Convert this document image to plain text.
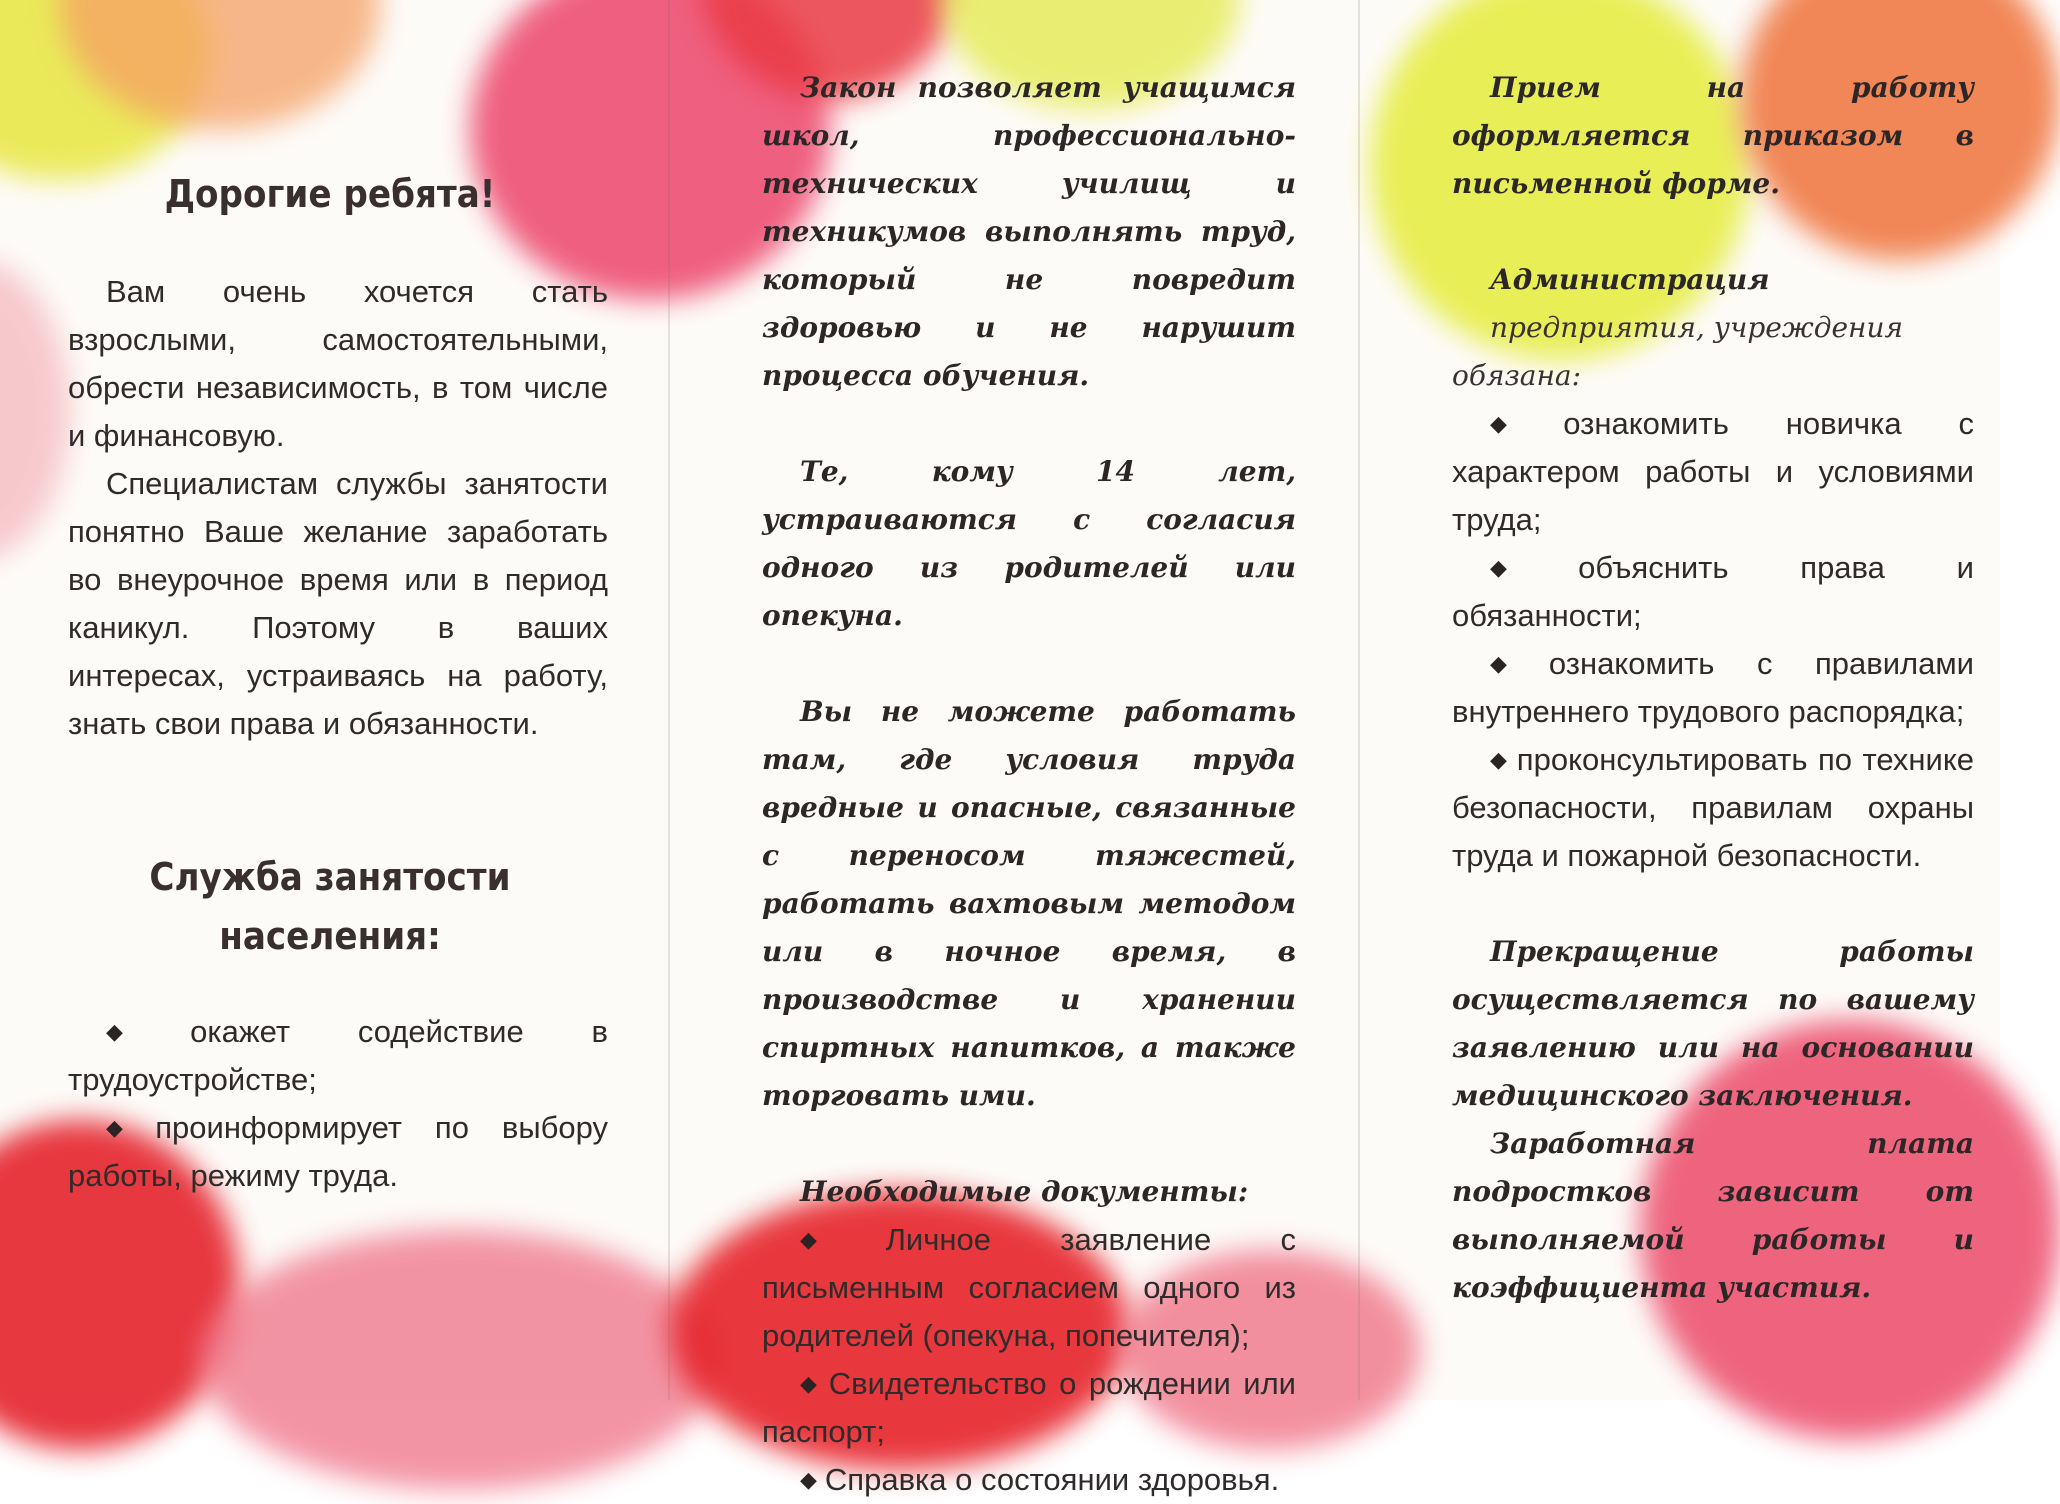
Дорогие ребята!

Вам очень хочется стать взрослыми, самостоятельными, обрести независимость, в том числе и финансовую.

Специалистам службы занятости понятно Ваше желание заработать во внеурочное время или в период каникул. Поэтому в ваших интересах, устраиваясь на работу, знать свои права и обязанности.

Служба занятости
населения:

◆ окажет содействие в трудоустройстве;

◆ проинформирует по выбору работы, режиму труда.

Закон позволяет учащимся школ, профессионально-технических училищ и техникумов выполнять труд, который не повредит здоровью и не нарушит процесса обучения.

Те, кому 14 лет, устраиваются с согласия одного из родителей или опекуна.

Вы не можете работать там, где условия труда вредные и опасные, связанные с переносом тяжестей, работать вахтовым методом или в ночное время, в производстве и хранении спиртных напитков, а также торговать ими.

Необходимые документы:

◆ Личное заявление с письменным согласием одного из родителей (опекуна, попечителя);

◆ Свидетельство о рождении или паспорт;

◆ Справка о состоянии здоровья.

Прием на работу оформляется приказом в письменной форме.

Администрация

предприятия, учреждения обязана:

◆ ознакомить новичка с характером работы и условиями труда;

◆ объяснить права и обязанности;

◆ ознакомить с правилами внутреннего трудового распорядка;

◆ проконсультировать по технике безопасности, правилам охраны труда и пожарной безопасности.

Прекращение работы осуществляется по вашему заявлению или на основании медицинского заключения.

Заработная плата подростков зависит от выполняемой работы и коэффициента участия.
